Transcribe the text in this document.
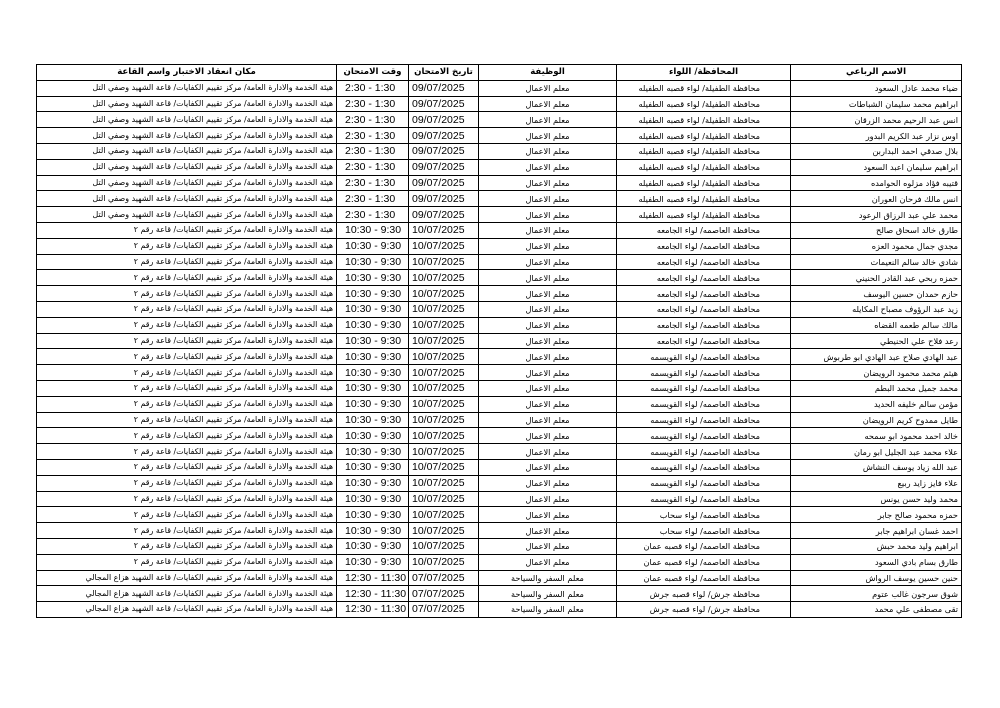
الاسم الرباعي	المحافظة/ اللواء	الوظيفة	تاريخ الامتحان	وقت الامتحان	مكان انعقاد الاختبار واسم القاعة
ضياء محمد عادل السعود	محافظة الطفيلة/ لواء قصبه الطفيله	معلم الاعمال	09/07/2025	2:30 - 1:30	هيئة الخدمة والادارة العامة/ مركز تقييم الكفايات/ قاعة الشهيد وصفي التل
ابراهيم محمد سليمان الشباطات	محافظة الطفيلة/ لواء قصبه الطفيله	معلم الاعمال	09/07/2025	2:30 - 1:30	هيئة الخدمة والادارة العامة/ مركز تقييم الكفايات/ قاعة الشهيد وصفي التل
انس عبد الرحيم محمد الزرقان	محافظة الطفيلة/ لواء قصبه الطفيله	معلم الاعمال	09/07/2025	2:30 - 1:30	هيئة الخدمة والادارة العامة/ مركز تقييم الكفايات/ قاعة الشهيد وصفي التل
اوس نزار عبد الكريم البدور	محافظة الطفيلة/ لواء قصبه الطفيله	معلم الاعمال	09/07/2025	2:30 - 1:30	هيئة الخدمة والادارة العامة/ مركز تقييم الكفايات/ قاعة الشهيد وصفي التل
بلال صدقي احمد البداربن	محافظة الطفيلة/ لواء قصبه الطفيله	معلم الاعمال	09/07/2025	2:30 - 1:30	هيئة الخدمة والادارة العامة/ مركز تقييم الكفايات/ قاعة الشهيد وصفي التل
ابراهيم سليمان اعبد السعود	محافظة الطفيلة/ لواء قصبه الطفيله	معلم الاعمال	09/07/2025	2:30 - 1:30	هيئة الخدمة والادارة العامة/ مركز تقييم الكفايات/ قاعة الشهيد وصفي التل
قتيبه فؤاد مزلوه الحوامده	محافظة الطفيلة/ لواء قصبه الطفيله	معلم الاعمال	09/07/2025	2:30 - 1:30	هيئة الخدمة والادارة العامة/ مركز تقييم الكفايات/ قاعة الشهيد وصفي التل
انس مالك فرحان العوران	محافظة الطفيلة/ لواء قصبه الطفيله	معلم الاعمال	09/07/2025	2:30 - 1:30	هيئة الخدمة والادارة العامة/ مركز تقييم الكفايات/ قاعة الشهيد وصفي التل
محمد علي عبد الرزاق الرعود	محافظة الطفيلة/ لواء قصبه الطفيله	معلم الاعمال	09/07/2025	2:30 - 1:30	هيئة الخدمة والادارة العامة/ مركز تقييم الكفايات/ قاعة الشهيد وصفي التل
طارق خالد اسحاق صالح	محافظة العاصمه/ لواء الجامعه	معلم الاعمال	10/07/2025	10:30 - 9:30	هيئة الخدمة والادارة العامة/ مركز تقييم الكفايات/ قاعة رقم ٢
مجدي جمال محمود العزه	محافظة العاصمه/ لواء الجامعه	معلم الاعمال	10/07/2025	10:30 - 9:30	هيئة الخدمة والادارة العامة/ مركز تقييم الكفايات/ قاعة رقم ٢
شادي خالد سالم النعيمات	محافظة العاصمه/ لواء الجامعه	معلم الاعمال	10/07/2025	10:30 - 9:30	هيئة الخدمة والادارة العامة/ مركز تقييم الكفايات/ قاعة رقم ٢
حمزه ربحي عبد القادر الحنيني	محافظة العاصمه/ لواء الجامعه	معلم الاعمال	10/07/2025	10:30 - 9:30	هيئة الخدمة والادارة العامة/ مركز تقييم الكفايات/ قاعة رقم ٢
حازم حمدان حسين اليوسف	محافظة العاصمه/ لواء الجامعه	معلم الاعمال	10/07/2025	10:30 - 9:30	هيئة الخدمة والادارة العامة/ مركز تقييم الكفايات/ قاعة رقم ٢
زيد عبد الرؤوف مصباح المكايله	محافظة العاصمه/ لواء الجامعه	معلم الاعمال	10/07/2025	10:30 - 9:30	هيئة الخدمة والادارة العامة/ مركز تقييم الكفايات/ قاعة رقم ٢
مالك سالم طعمه القضاه	محافظة العاصمه/ لواء الجامعه	معلم الاعمال	10/07/2025	10:30 - 9:30	هيئة الخدمة والادارة العامة/ مركز تقييم الكفايات/ قاعة رقم ٢
رعد فلاح علي الحنيطي	محافظة العاصمه/ لواء الجامعه	معلم الاعمال	10/07/2025	10:30 - 9:30	هيئة الخدمة والادارة العامة/ مركز تقييم الكفايات/ قاعة رقم ٢
عبد الهادي صلاح عبد الهادي ابو طربوش	محافظة العاصمه/ لواء القويسمه	معلم الاعمال	10/07/2025	10:30 - 9:30	هيئة الخدمة والادارة العامة/ مركز تقييم الكفايات/ قاعة رقم ٢
هيثم محمد محمود الرويضان	محافظة العاصمه/ لواء القويسمه	معلم الاعمال	10/07/2025	10:30 - 9:30	هيئة الخدمة والادارة العامة/ مركز تقييم الكفايات/ قاعة رقم ٢
محمد جميل محمد البطم	محافظة العاصمه/ لواء القويسمه	معلم الاعمال	10/07/2025	10:30 - 9:30	هيئة الخدمة والادارة العامة/ مركز تقييم الكفايات/ قاعة رقم ٢
مؤمن سالم خليفه الحديد	محافظة العاصمه/ لواء القويسمه	معلم الاعمال	10/07/2025	10:30 - 9:30	هيئة الخدمة والادارة العامة/ مركز تقييم الكفايات/ قاعة رقم ٢
طايل ممدوح كريم الرويضان	محافظة العاصمه/ لواء القويسمه	معلم الاعمال	10/07/2025	10:30 - 9:30	هيئة الخدمة والادارة العامة/ مركز تقييم الكفايات/ قاعة رقم ٢
خالد احمد محمود ابو سمحه	محافظة العاصمه/ لواء القويسمه	معلم الاعمال	10/07/2025	10:30 - 9:30	هيئة الخدمة والادارة العامة/ مركز تقييم الكفايات/ قاعة رقم ٢
علاء محمد عبد الجليل ابو رمان	محافظة العاصمه/ لواء القويسمه	معلم الاعمال	10/07/2025	10:30 - 9:30	هيئة الخدمة والادارة العامة/ مركز تقييم الكفايات/ قاعة رقم ٢
عبد الله زياد يوسف النشاش	محافظة العاصمه/ لواء القويسمه	معلم الاعمال	10/07/2025	10:30 - 9:30	هيئة الخدمة والادارة العامة/ مركز تقييم الكفايات/ قاعة رقم ٢
علاء فايز زايد ربيع	محافظة العاصمه/ لواء القويسمه	معلم الاعمال	10/07/2025	10:30 - 9:30	هيئة الخدمة والادارة العامة/ مركز تقييم الكفايات/ قاعة رقم ٢
محمد وليد حسن يونس	محافظة العاصمه/ لواء القويسمه	معلم الاعمال	10/07/2025	10:30 - 9:30	هيئة الخدمة والادارة العامة/ مركز تقييم الكفايات/ قاعة رقم ٢
حمزه محمود صالح جابر	محافظة العاصمه/ لواء سحاب	معلم الاعمال	10/07/2025	10:30 - 9:30	هيئة الخدمة والادارة العامة/ مركز تقييم الكفايات/ قاعة رقم ٢
احمد غسان ابراهيم جابر	محافظة العاصمه/ لواء سحاب	معلم الاعمال	10/07/2025	10:30 - 9:30	هيئة الخدمة والادارة العامة/ مركز تقييم الكفايات/ قاعة رقم ٢
ابراهيم وليد محمد حبش	محافظة العاصمه/ لواء قصبه عمان	معلم الاعمال	10/07/2025	10:30 - 9:30	هيئة الخدمة والادارة العامة/ مركز تقييم الكفايات/ قاعة رقم ٢
طارق بسام بادي السعود	محافظة العاصمه/ لواء قصبه عمان	معلم الاعمال	10/07/2025	10:30 - 9:30	هيئة الخدمة والادارة العامة/ مركز تقييم الكفايات/ قاعة رقم ٢
حنين حسين يوسف الرواش	محافظة العاصمه/ لواء قصبه عمان	معلم السفر والسياحة	07/07/2025	12:30 - 11:30	هيئة الخدمة والادارة العامة/ مركز تقييم الكفايات/ قاعة الشهيد هزاع المجالي
شوق سرجون غالب عتوم	محافظة جرش/ لواء قصبه جرش	معلم السفر والسياحة	07/07/2025	12:30 - 11:30	هيئة الخدمة والادارة العامة/ مركز تقييم الكفايات/ قاعة الشهيد هزاع المجالي
تقى مصطفى علي محمد	محافظة جرش/ لواء قصبه جرش	معلم السفر والسياحة	07/07/2025	12:30 - 11:30	هيئة الخدمة والادارة العامة/ مركز تقييم الكفايات/ قاعة الشهيد هزاع المجالي
